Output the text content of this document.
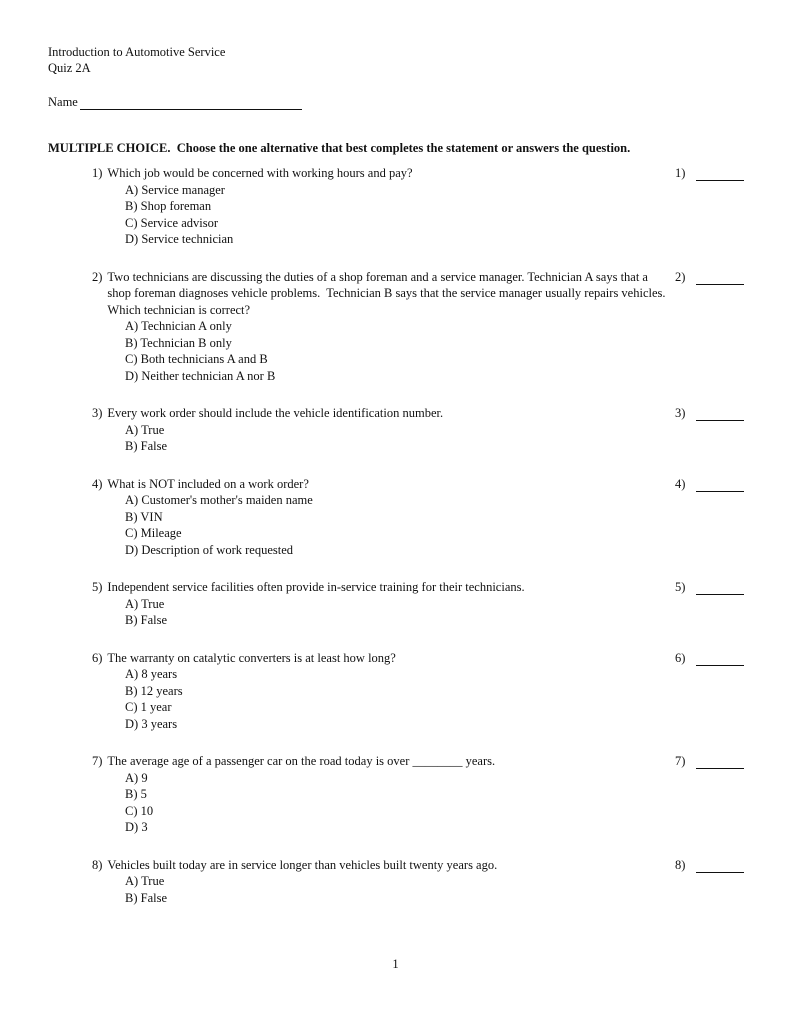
Introduction to Automotive Service
Quiz 2A
Name
MULTIPLE CHOICE.  Choose the one alternative that best completes the statement or answers the question.
1) Which job would be concerned with working hours and pay?
A) Service manager
B) Shop foreman
C) Service advisor
D) Service technician
1)
2) Two technicians are discussing the duties of a shop foreman and a service manager. Technician A says that a shop foreman diagnoses vehicle problems.  Technician B says that the service manager usually repairs vehicles.  Which technician is correct?
A) Technician A only
B) Technician B only
C) Both technicians A and B
D) Neither technician A nor B
2)
3) Every work order should include the vehicle identification number.
A) True
B) False
3)
4) What is NOT included on a work order?
A) Customer's mother's maiden name
B) VIN
C) Mileage
D) Description of work requested
4)
5) Independent service facilities often provide in-service training for their technicians.
A) True
B) False
5)
6) The warranty on catalytic converters is at least how long?
A) 8 years
B) 12 years
C) 1 year
D) 3 years
6)
7) The average age of a passenger car on the road today is over ________ years.
A) 9
B) 5
C) 10
D) 3
7)
8) Vehicles built today are in service longer than vehicles built twenty years ago.
A) True
B) False
8)
1
